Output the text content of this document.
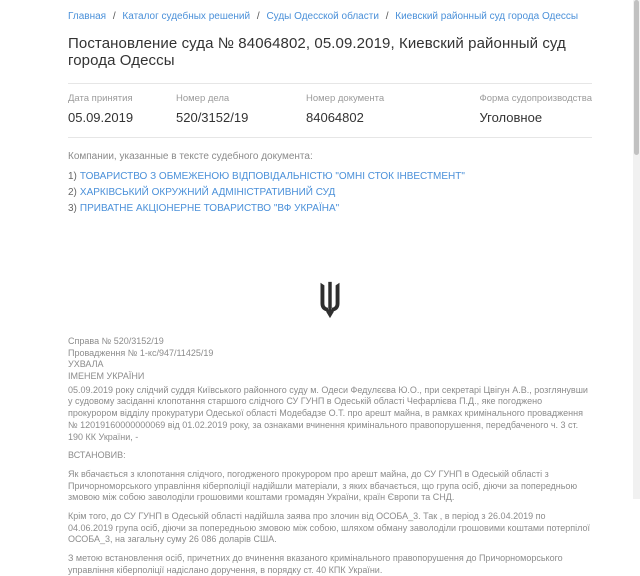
Главная / Каталог судебных решений / Суды Одесской области / Киевский районный суд города Одессы
Постановление суда № 84064802, 05.09.2019, Киевский районный суд города Одессы
Дата принятия
05.09.2019
Номер дела
520/3152/19
Номер документа
84064802
Форма судопроизводства
Уголовное
Компании, указанные в тексте судебного документа:
1) ТОВАРИСТВО З ОБМЕЖЕНОЮ ВІДПОВІДАЛЬНІСТЮ "ОМНІ СТОК ІНВЕСТМЕНТ"
2) ХАРКІВСЬКИЙ ОКРУЖНИЙ АДМІНІСТРАТИВНИЙ СУД
3) ПРИВАТНЕ АКЦІОНЕРНЕ ТОВАРИСТВО "ВФ УКРАЇНА"
Справа № 520/3152/19
Провадження № 1-кс/947/11425/19
УХВАЛА
ІМЕНЕМ УКРАЇНИ

05.09.2019 року слідчий суддя Київського районного суду м. Одеси Федулєєва Ю.О., при секретарі Цвігун А.В., розглянувши у судовому засіданні клопотання старшого слідчого СУ ГУНП в Одеській області Чефарлієва П.Д., яке погоджено прокурором відділу прокуратури Одеської області Модебадзе О.Т. про арешт майна, в рамках кримінального провадження № 12019160000000069 від 01.02.2019 року, за ознаками вчинення кримінального правопорушення, передбаченого ч. 3 ст. 190 КК України, -

ВСТАНОВИВ:

Як вбачається з клопотання слідчого, погодженого прокурором про арешт майна, до СУ ГУНП в Одеській області з Причорноморського управління кіберполіції надійшли матеріали, з яких вбачається, що група осіб, діючи за попередньою змовою між собою заволоділи грошовими коштами громадян України, країн Європи та СНД.

Крім того, до СУ ГУНП в Одеській області надійшла заява про злочин від ОСОБА_3. Так , в період з 26.04.2019 по 04.06.2019 група осіб, діючи за попередньою змовою між собою, шляхом обману заволоділи грошовими коштами потерпілої ОСОБА_3, на загальну суму 26 086 доларів США.

З метою встановлення осіб, причетних до вчинення вказаного кримінального правопорушення до Причорноморського управління кіберполіції надіслано доручення, в порядку ст. 40 КПК України.
